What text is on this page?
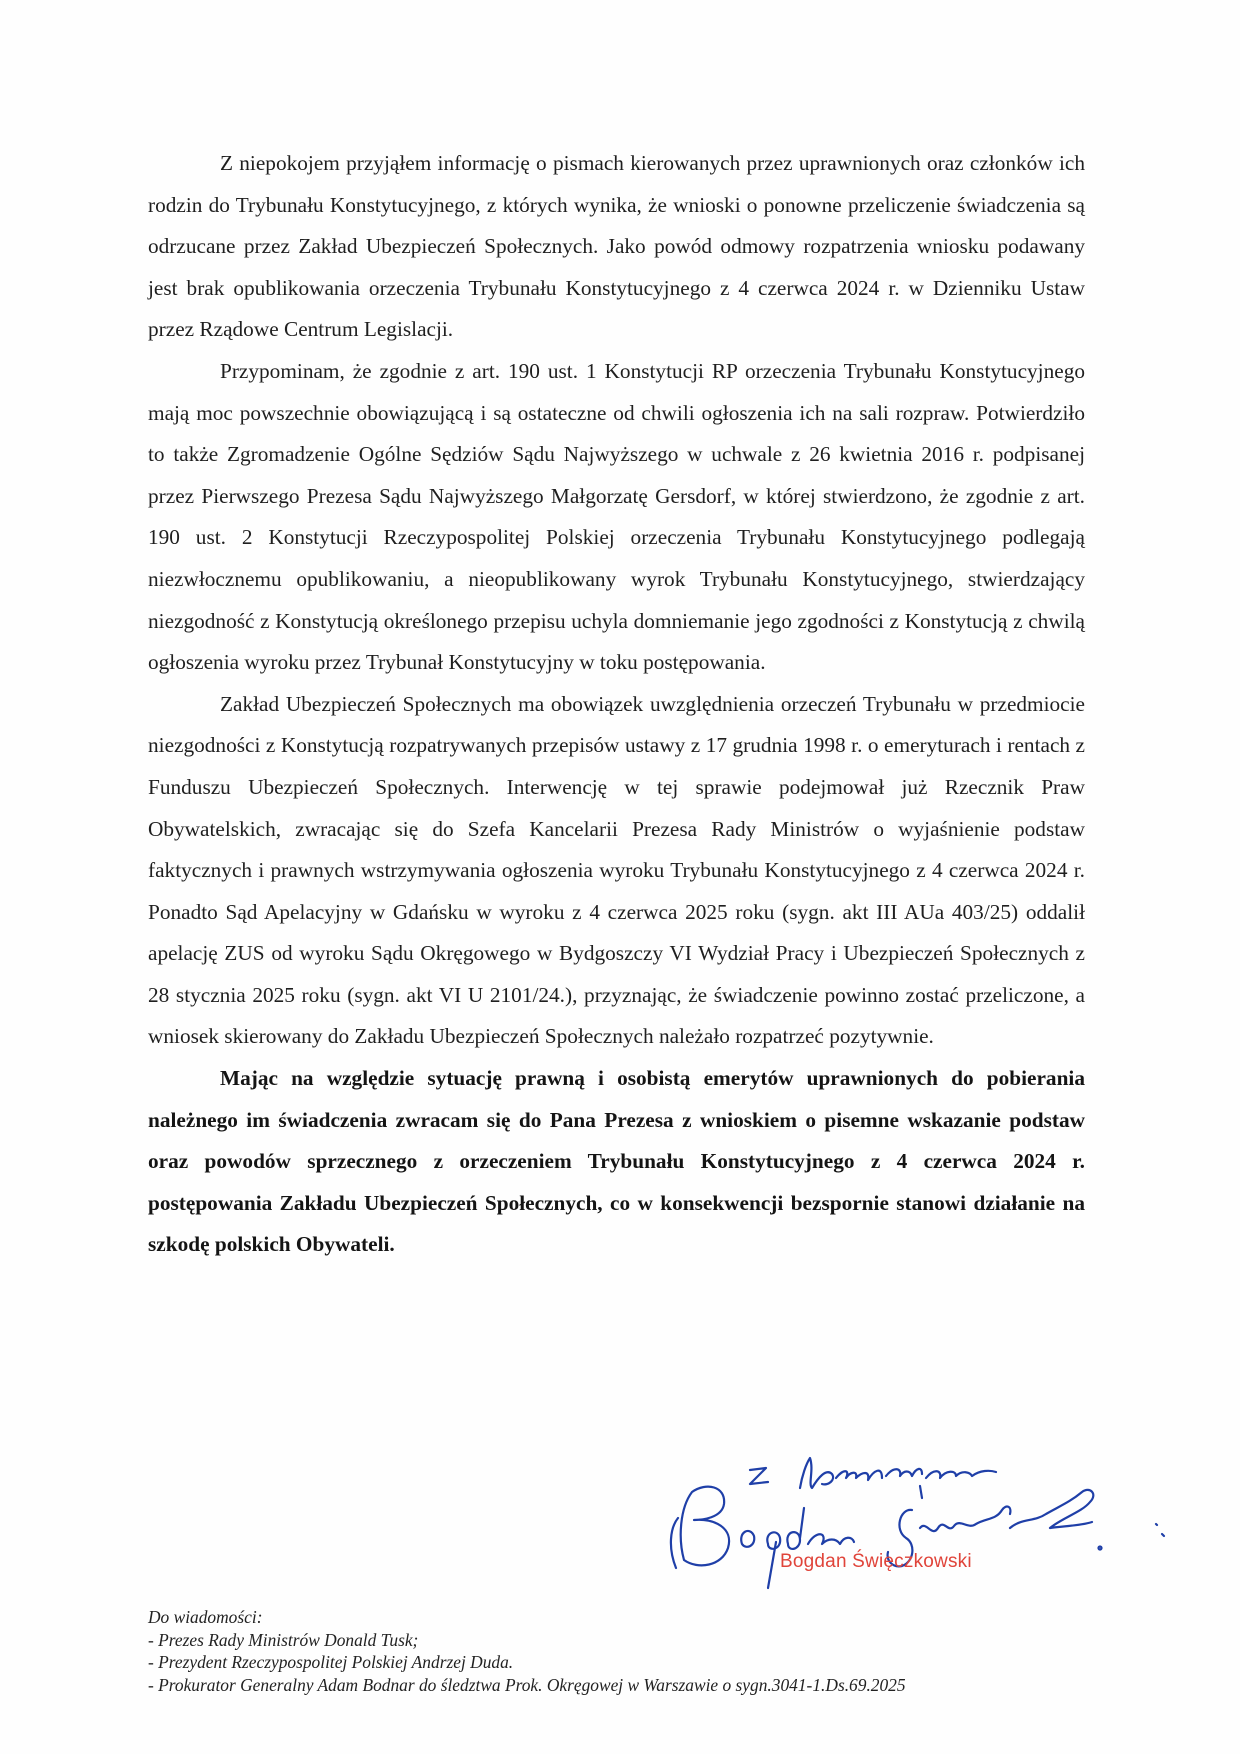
Z niepokojem przyjąłem informację o pismach kierowanych przez uprawnionych oraz członków ich rodzin do Trybunału Konstytucyjnego, z których wynika, że wnioski o ponowne przeliczenie świadczenia są odrzucane przez Zakład Ubezpieczeń Społecznych. Jako powód odmowy rozpatrzenia wniosku podawany jest brak opublikowania orzeczenia Trybunału Konstytucyjnego z 4 czerwca 2024 r. w Dzienniku Ustaw przez Rządowe Centrum Legislacji.

Przypominam, że zgodnie z art. 190 ust. 1 Konstytucji RP orzeczenia Trybunału Konstytucyjnego mają moc powszechnie obowiązującą i są ostateczne od chwili ogłoszenia ich na sali rozpraw. Potwierdziło to także Zgromadzenie Ogólne Sędziów Sądu Najwyższego w uchwale z 26 kwietnia 2016 r. podpisanej przez Pierwszego Prezesa Sądu Najwyższego Małgorzatę Gersdorf, w której stwierdzono, że zgodnie z art. 190 ust. 2 Konstytucji Rzeczypospolitej Polskiej orzeczenia Trybunału Konstytucyjnego podlegają niezwłocznemu opublikowaniu, a nieopublikowany wyrok Trybunału Konstytucyjnego, stwierdzający niezgodność z Konstytucją określonego przepisu uchyla domniemanie jego zgodności z Konstytucją z chwilą ogłoszenia wyroku przez Trybunał Konstytucyjny w toku postępowania.

Zakład Ubezpieczeń Społecznych ma obowiązek uwzględnienia orzeczeń Trybunału w przedmiocie niezgodności z Konstytucją rozpatrywanych przepisów ustawy z 17 grudnia 1998 r. o emeryturach i rentach z Funduszu Ubezpieczeń Społecznych. Interwencję w tej sprawie podejmował już Rzecznik Praw Obywatelskich, zwracając się do Szefa Kancelarii Prezesa Rady Ministrów o wyjaśnienie podstaw faktycznych i prawnych wstrzymywania ogłoszenia wyroku Trybunału Konstytucyjnego z 4 czerwca 2024 r. Ponadto Sąd Apelacyjny w Gdańsku w wyroku z 4 czerwca 2025 roku (sygn. akt III AUa 403/25) oddalił apelację ZUS od wyroku Sądu Okręgowego w Bydgoszczy VI Wydział Pracy i Ubezpieczeń Społecznych z 28 stycznia 2025 roku (sygn. akt VI U 2101/24.), przyznając, że świadczenie powinno zostać przeliczone, a wniosek skierowany do Zakładu Ubezpieczeń Społecznych należało rozpatrzeć pozytywnie.

Mając na względzie sytuację prawną i osobistą emerytów uprawnionych do pobierania należnego im świadczenia zwracam się do Pana Prezesa z wnioskiem o pisemne wskazanie podstaw oraz powodów sprzecznego z orzeczeniem Trybunału Konstytucyjnego z 4 czerwca 2024 r. postępowania Zakładu Ubezpieczeń Społecznych, co w konsekwencji bezspornie stanowi działanie na szkodę polskich Obywateli.

Bogdan Święczkowski
Do wiadomości:
- Prezes Rady Ministrów Donald Tusk;
- Prezydent Rzeczypospolitej Polskiej Andrzej Duda.
- Prokurator Generalny Adam Bodnar do śledztwa Prok. Okręgowej w Warszawie o sygn.3041-1.Ds.69.2025
